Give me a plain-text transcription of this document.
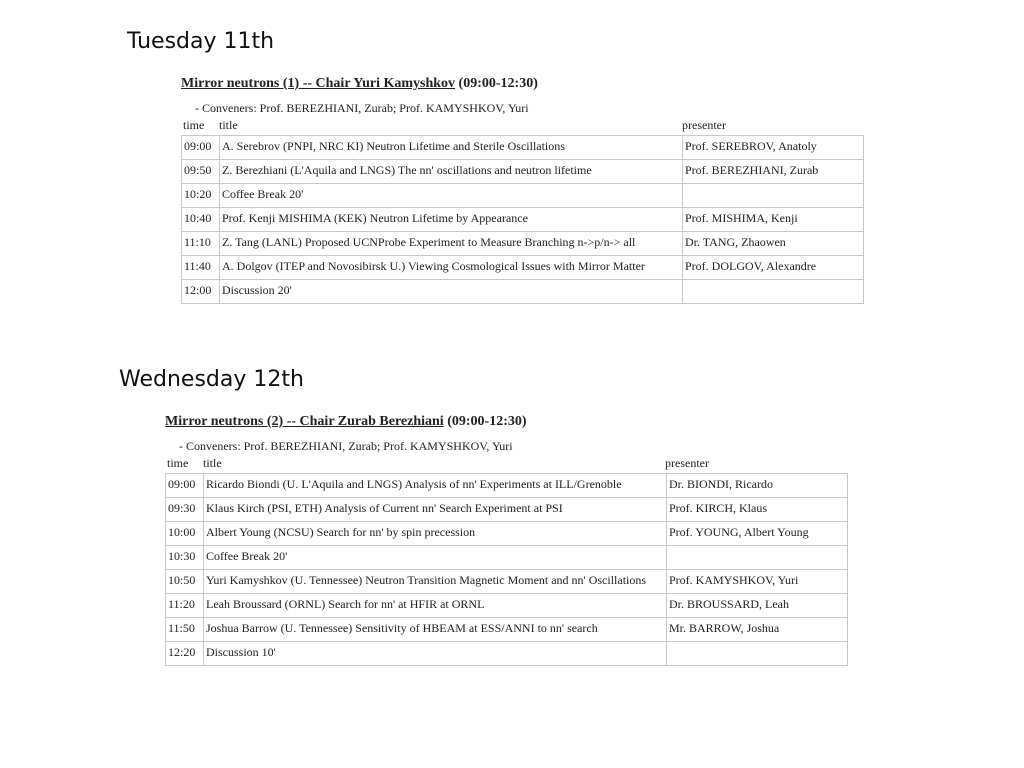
Tuesday 11th
Mirror neutrons (1) -- Chair Yuri Kamyshkov (09:00-12:30)
- Conveners: Prof. BEREZHIANI, Zurab; Prof. KAMYSHKOV, Yuri
time title	presenter
09:00	A. Serebrov (PNPI, NRC KI) Neutron Lifetime and Sterile Oscillations	Prof. SEREBROV, Anatoly
09:50	Z. Berezhiani (L'Aquila and LNGS) The nn' oscillations and neutron lifetime	Prof. BEREZHIANI, Zurab
10:20	Coffee Break 20'	
10:40	Prof. Kenji MISHIMA (KEK) Neutron Lifetime by Appearance	Prof. MISHIMA, Kenji
11:10	Z. Tang (LANL) Proposed UCNProbe Experiment to Measure Branching n->p/n-> all	Dr. TANG, Zhaowen
11:40	A. Dolgov (ITEP and Novosibirsk U.) Viewing Cosmological Issues with Mirror Matter	Prof. DOLGOV, Alexandre
12:00	Discussion 20'	
Wednesday 12th
Mirror neutrons (2) -- Chair Zurab Berezhiani (09:00-12:30)
- Conveners: Prof. BEREZHIANI, Zurab; Prof. KAMYSHKOV, Yuri
time title	presenter
09:00	Ricardo Biondi (U. L'Aquila and LNGS) Analysis of nn' Experiments at ILL/Grenoble	Dr. BIONDI, Ricardo
09:30	Klaus Kirch (PSI, ETH) Analysis of Current nn' Search Experiment at PSI	Prof. KIRCH, Klaus
10:00	Albert Young (NCSU) Search for nn' by spin precession	Prof. YOUNG, Albert Young
10:30	Coffee Break 20'	
10:50	Yuri Kamyshkov (U. Tennessee) Neutron Transition Magnetic Moment and nn' Oscillations	Prof. KAMYSHKOV, Yuri
11:20	Leah Broussard (ORNL) Search for nn' at HFIR at ORNL	Dr. BROUSSARD, Leah
11:50	Joshua Barrow (U. Tennessee) Sensitivity of HBEAM at ESS/ANNI to nn' search	Mr. BARROW, Joshua
12:20	Discussion 10'	
